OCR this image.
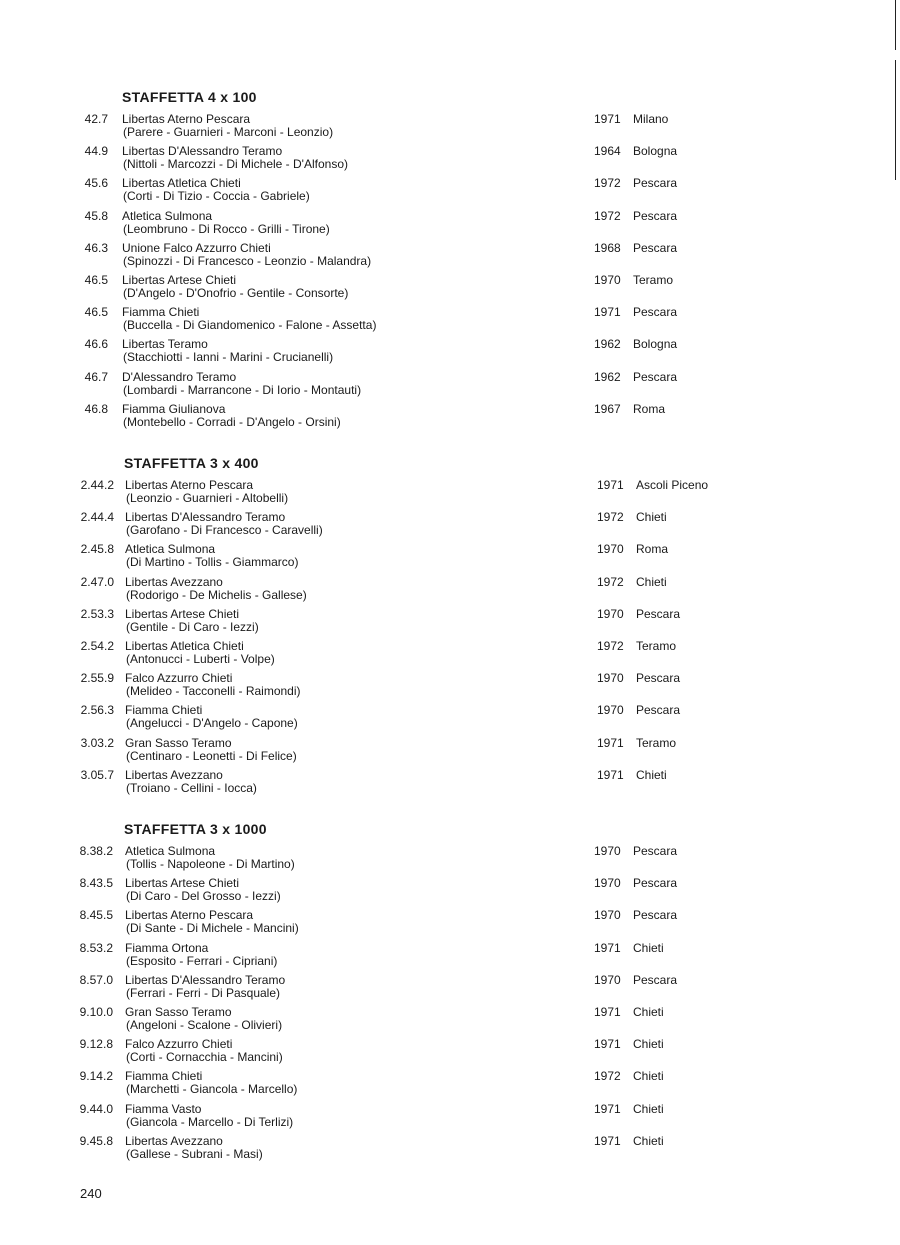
STAFFETTA 4 x 100
42.7 Libertas Aterno Pescara
(Parere - Guarnieri - Marconi - Leonzio)
1971 Milano
44.9 Libertas D'Alessandro Teramo
(Nittoli - Marcozzi - Di Michele - D'Alfonso)
1964 Bologna
45.6 Libertas Atletica Chieti
(Corti - Di Tizio - Coccia - Gabriele)
1972 Pescara
45.8 Atletica Sulmona
(Leombruno - Di Rocco - Grilli - Tirone)
1972 Pescara
46.3 Unione Falco Azzurro Chieti
(Spinozzi - Di Francesco - Leonzio - Malandra)
1968 Pescara
46.5 Libertas Artese Chieti
(D'Angelo - D'Onofrio - Gentile - Consorte)
1970 Teramo
46.5 Fiamma Chieti
(Buccella - Di Giandomenico - Falone - Assetta)
1971 Pescara
46.6 Libertas Teramo
(Stacchiotti - Ianni - Marini - Crucianelli)
1962 Bologna
46.7 D'Alessandro Teramo
(Lombardi - Marrancone - Di Iorio - Montauti)
1962 Pescara
46.8 Fiamma Giulianova
(Montebello - Corradi - D'Angelo - Orsini)
1967 Roma
STAFFETTA 3 x 400
2.44.2 Libertas Aterno Pescara
(Leonzio - Guarnieri - Altobelli)
1971 Ascoli Piceno
2.44.4 Libertas D'Alessandro Teramo
(Garofano - Di Francesco - Caravelli)
1972 Chieti
2.45.8 Atletica Sulmona
(Di Martino - Tollis - Giammarco)
1970 Roma
2.47.0 Libertas Avezzano
(Rodorigo - De Michelis - Gallese)
1972 Chieti
2.53.3 Libertas Artese Chieti
(Gentile - Di Caro - Iezzi)
1970 Pescara
2.54.2 Libertas Atletica Chieti
(Antonucci - Luberti - Volpe)
1972 Teramo
2.55.9 Falco Azzurro Chieti
(Melideo - Tacconelli - Raimondi)
1970 Pescara
2.56.3 Fiamma Chieti
(Angelucci - D'Angelo - Capone)
1970 Pescara
3.03.2 Gran Sasso Teramo
(Centinaro - Leonetti - Di Felice)
1971 Teramo
3.05.7 Libertas Avezzano
(Troiano - Cellini - Iocca)
1971 Chieti
STAFFETTA 3 x 1000
8.38.2 Atletica Sulmona
(Tollis - Napoleone - Di Martino)
1970 Pescara
8.43.5 Libertas Artese Chieti
(Di Caro - Del Grosso - Iezzi)
1970 Pescara
8.45.5 Libertas Aterno Pescara
(Di Sante - Di Michele - Mancini)
1970 Pescara
8.53.2 Fiamma Ortona
(Esposito - Ferrari - Cipriani)
1971 Chieti
8.57.0 Libertas D'Alessandro Teramo
(Ferrari - Ferri - Di Pasquale)
1970 Pescara
9.10.0 Gran Sasso Teramo
(Angeloni - Scalone - Olivieri)
1971 Chieti
9.12.8 Falco Azzurro Chieti
(Corti - Cornacchia - Mancini)
1971 Chieti
9.14.2 Fiamma Chieti
(Marchetti - Giancola - Marcello)
1972 Chieti
9.44.0 Fiamma Vasto
(Giancola - Marcello - Di Terlizi)
1971 Chieti
9.45.8 Libertas Avezzano
(Gallese - Subrani - Masi)
1971 Chieti
240
